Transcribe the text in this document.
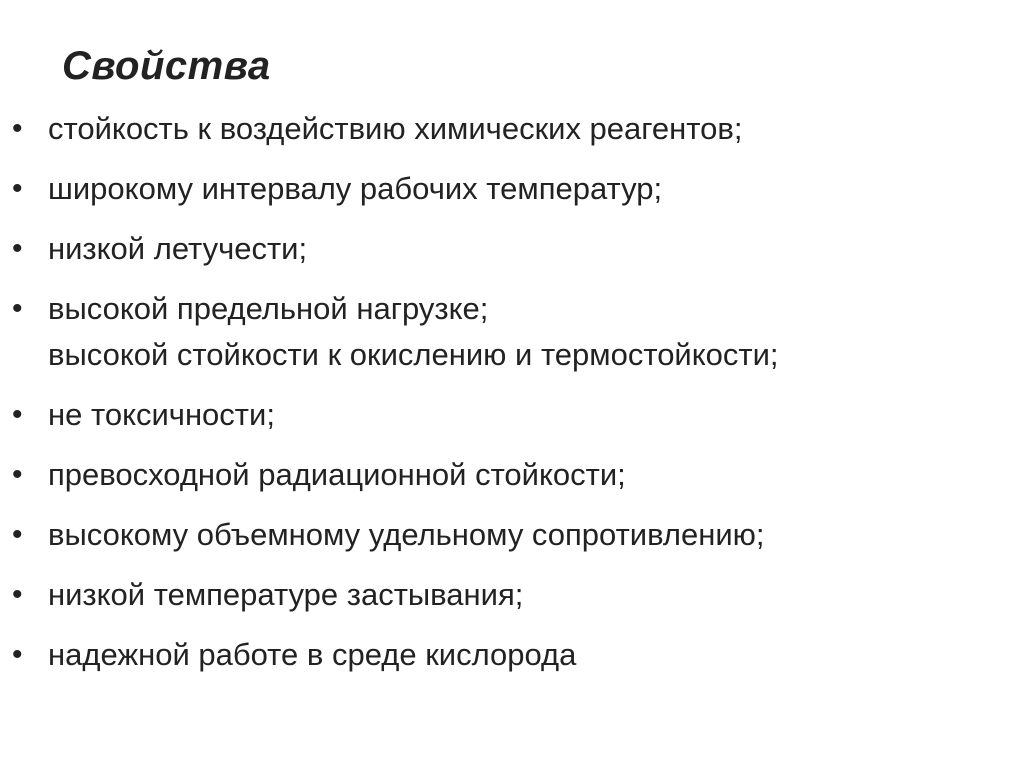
Свойства
• стойкость к воздействию химических реагентов;
• широкому интервалу рабочих температур;
• низкой летучести;
• высокой предельной нагрузке;
высокой стойкости к окислению и термостойкости;
• не токсичности;
• превосходной радиационной стойкости;
• высокому объемному удельному сопротивлению;
• низкой температуре застывания;
• надежной работе в среде кислорода
